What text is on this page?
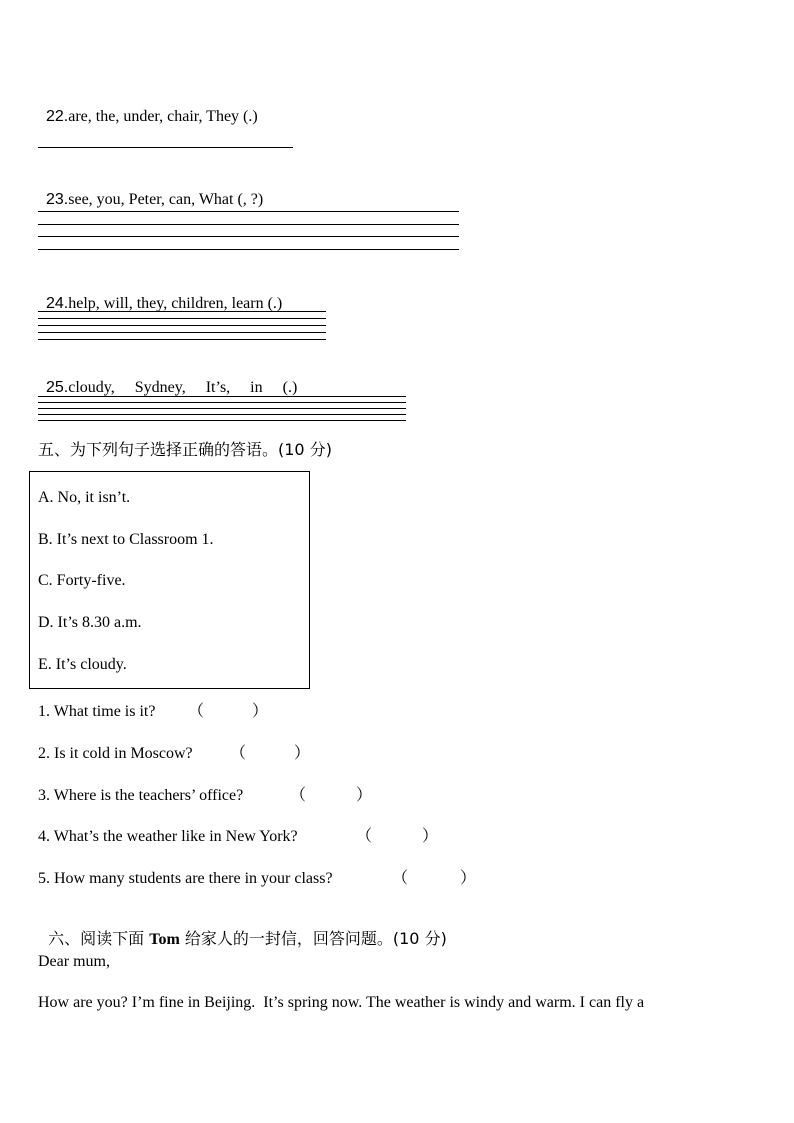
22.are, the, under, chair, They (.)

23.see, you, Peter, can, What (, ?)

24.help, will, they, children, learn (.)

25.cloudy,     Sydney,     It’s,     in     (.)

五、为下列句子选择正确的答语。(10 分)
A. No, it isn’t.
B. It’s next to Classroom 1.
C. Forty-five.
D. It’s 8.30 a.m.
E. It’s cloudy.
1. What time is it? （	）
2. Is it cold in Moscow? （	）
3. Where is the teachers’ office?	（	）
4. What’s the weather like in New York?	（	）
5. How many students are there in your class?	（	）

六、阅读下面 Tom 给家人的一封信，回答问题。(10 分)

Dear mum,
How are you? I’m fine in Beijing.  It’s spring now. The weather is windy and warm. I can fly a
